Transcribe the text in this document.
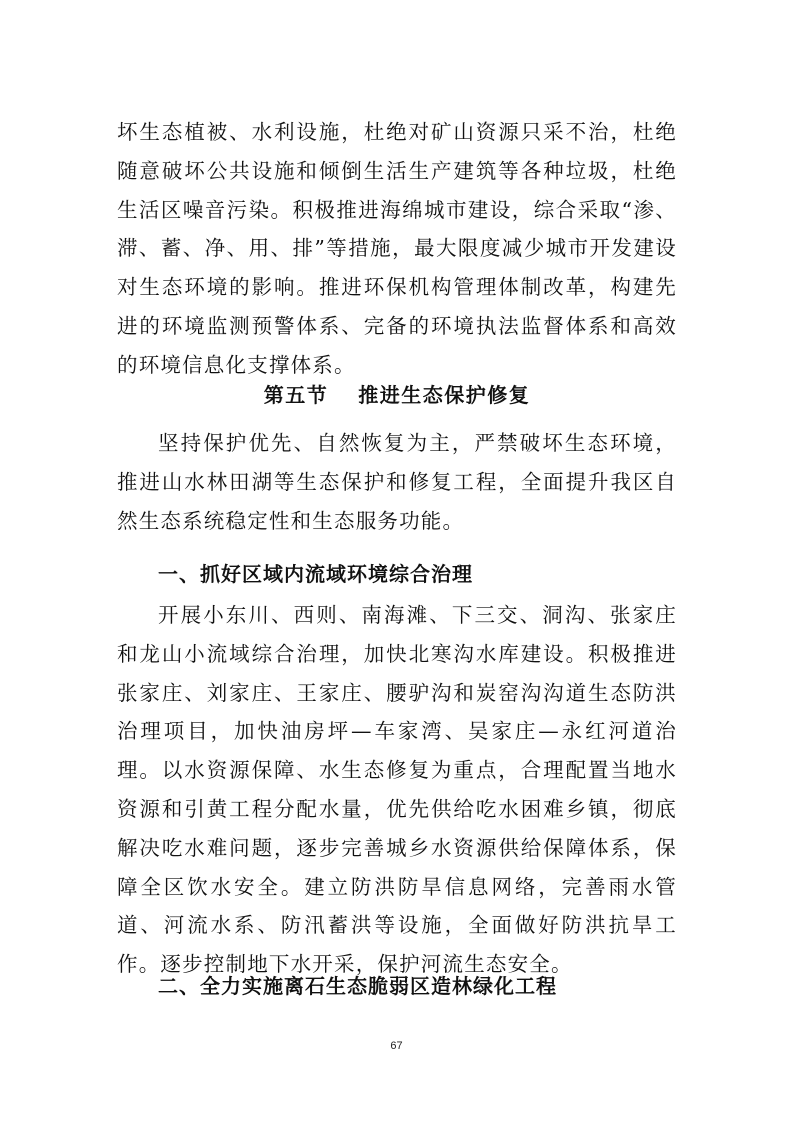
坏生态植被、水利设施，杜绝对矿山资源只采不治，杜绝随意破坏公共设施和倾倒生活生产建筑等各种垃圾，杜绝生活区噪音污染。积极推进海绵城市建设，综合采取“渗、滞、蓄、净、用、排”等措施，最大限度减少城市开发建设对生态环境的影响。推进环保机构管理体制改革，构建先进的环境监测预警体系、完备的环境执法监督体系和高效的环境信息化支撑体系。

第五节 推进生态保护修复

坚持保护优先、自然恢复为主，严禁破坏生态环境，推进山水林田湖等生态保护和修复工程，全面提升我区自然生态系统稳定性和生态服务功能。

一、抓好区域内流域环境综合治理

开展小东川、西则、南海滩、下三交、洞沟、张家庄和龙山小流域综合治理，加快北寒沟水库建设。积极推进张家庄、刘家庄、王家庄、腰驴沟和炭窑沟沟道生态防洪治理项目，加快油房坪—车家湾、吴家庄—永红河道治理。以水资源保障、水生态修复为重点，合理配置当地水资源和引黄工程分配水量，优先供给吃水困难乡镇，彻底解决吃水难问题，逐步完善城乡水资源供给保障体系，保障全区饮水安全。建立防洪防旱信息网络，完善雨水管道、河流水系、防汛蓄洪等设施，全面做好防洪抗旱工作。逐步控制地下水开采，保护河流生态安全。

二、全力实施离石生态脆弱区造林绿化工程
67
